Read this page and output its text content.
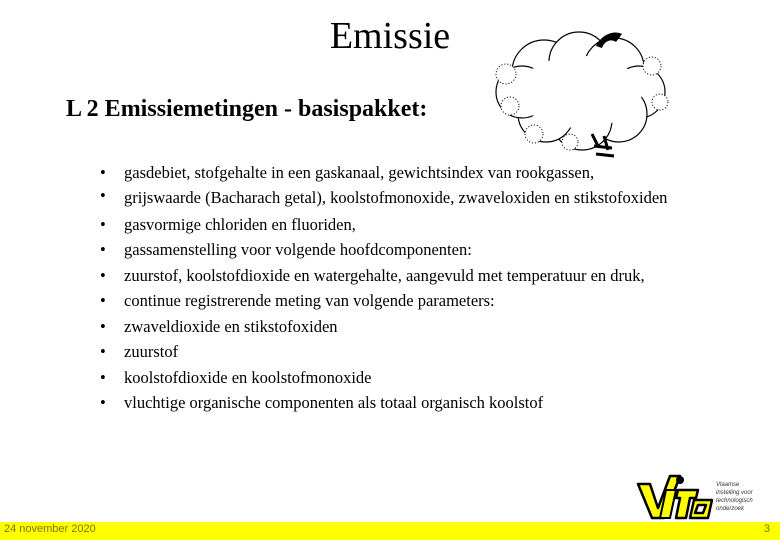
Emissie
L 2 Emissiemetingen - basispakket:
• gasdebiet, stofgehalte in een gaskanaal, gewichtsindex van rookgassen,
• grijswaarde (Bacharach getal), koolstofmonoxide, zwaveloxiden en stikstofoxiden
• gasvormige chloriden en fluoriden,
• gassamenstelling voor volgende hoofdcomponenten:
• zuurstof, koolstofdioxide en watergehalte, aangevuld met temperatuur en druk,
• continue registrerende meting van volgende parameters:
• zwaveldioxide en stikstofoxiden
• zuurstof
• koolstofdioxide en koolstofmonoxide
• vluchtige organische componenten als totaal organisch koolstof
Vlaamse
instelling voor
technologisch
onderzoek
24 november 2020	3
